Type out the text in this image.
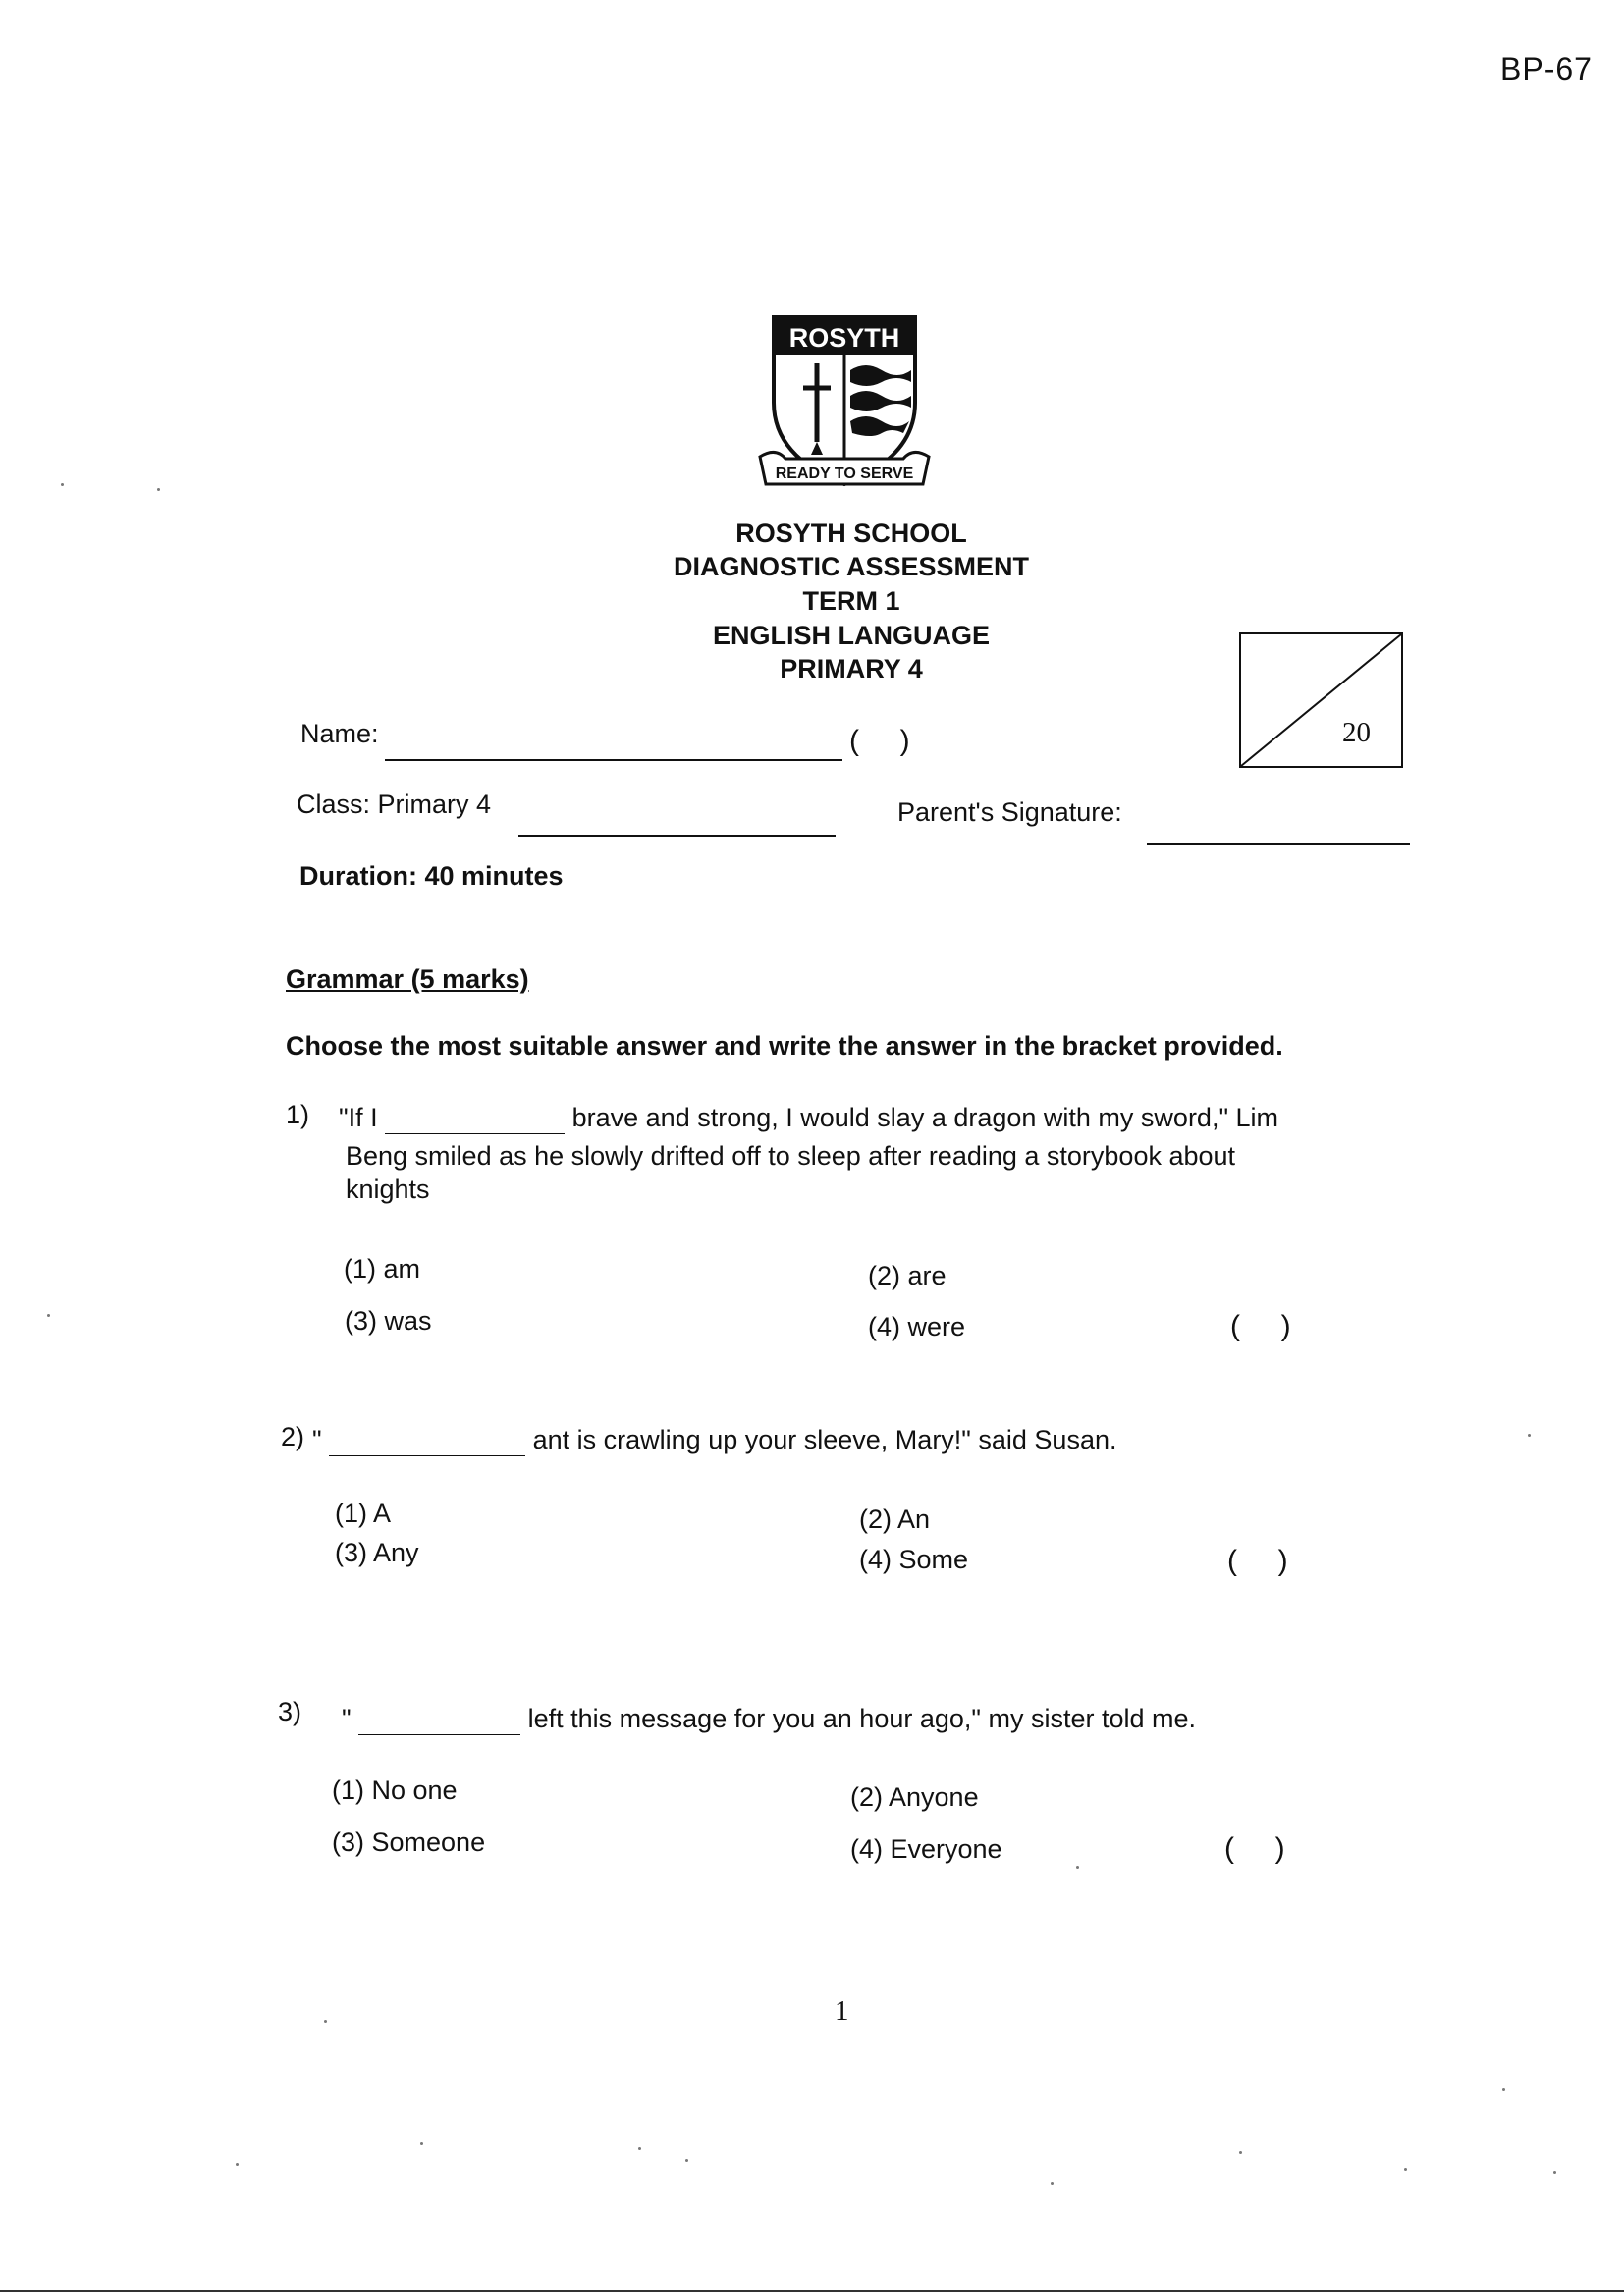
BP-67
ROSYTH
READY TO SERVE
ROSYTH SCHOOL
DIAGNOSTIC ASSESSMENT
TERM 1
ENGLISH LANGUAGE
PRIMARY 4
20
Name:	(     )
Class: Primary 4	Parent's Signature:
Duration: 40 minutes
Grammar (5 marks)
Choose the most suitable answer and write the answer in the bracket provided.
1) "If I	brave and strong, I would slay a dragon with my sword," Lim
Beng smiled as he slowly drifted off to sleep after reading a storybook about
knights
(1) am	(2) are
(3) was	(4) were	(     )
2) "	ant is crawling up your sleeve, Mary!" said Susan.
(1) A	(2) An
(3) Any	(4) Some	(     )
3) "	left this message for you an hour ago," my sister told me.
(1) No one	(2) Anyone
(3) Someone	(4) Everyone	(     )
1
